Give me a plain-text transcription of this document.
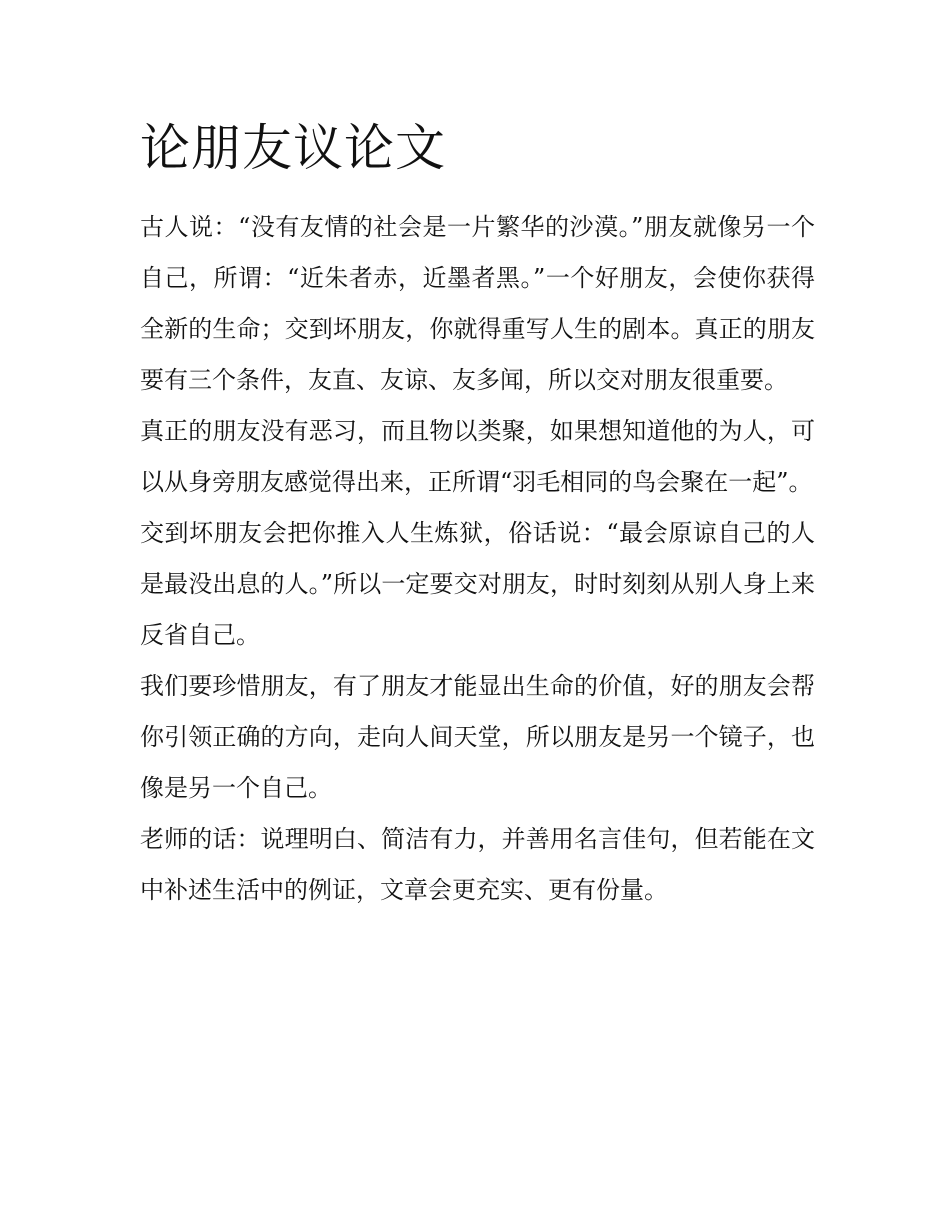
论朋友议论文

古人说：“没有友情的社会是一片繁华的沙漠。”朋友就像另一个自己，所谓：“近朱者赤，近墨者黑。”一个好朋友，会使你获得全新的生命；交到坏朋友，你就得重写人生的剧本。真正的朋友要有三个条件，友直、友谅、友多闻，所以交对朋友很重要。

真正的朋友没有恶习，而且物以类聚，如果想知道他的为人，可以从身旁朋友感觉得出来，正所谓“羽毛相同的鸟会聚在一起”。

交到坏朋友会把你推入人生炼狱，俗话说：“最会原谅自己的人是最没出息的人。”所以一定要交对朋友，时时刻刻从别人身上来反省自己。

我们要珍惜朋友，有了朋友才能显出生命的价值，好的朋友会帮你引领正确的方向，走向人间天堂，所以朋友是另一个镜子，也像是另一个自己。

老师的话：说理明白、简洁有力，并善用名言佳句，但若能在文中补述生活中的例证，文章会更充实、更有份量。
